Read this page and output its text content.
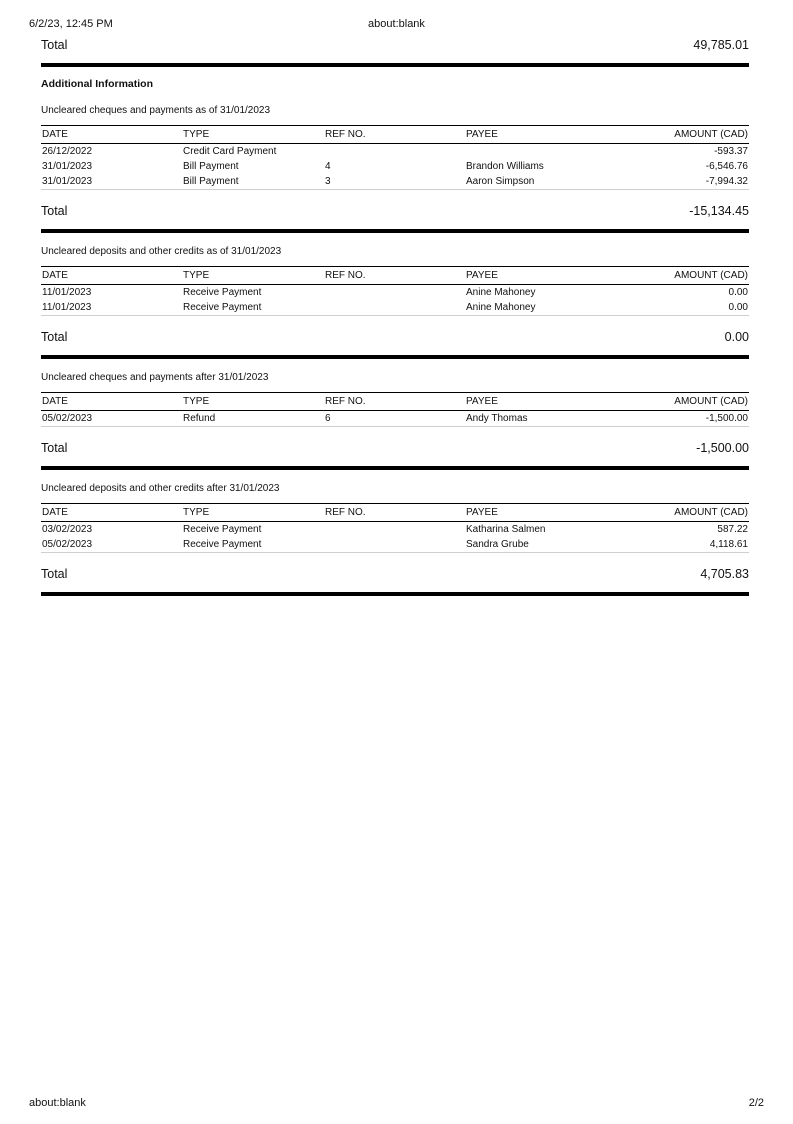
6/2/23, 12:45 PM	about:blank
Total	49,785.01
Additional Information
Uncleared cheques and payments as of 31/01/2023
DATE	TYPE	REF NO.	PAYEE	AMOUNT (CAD)
26/12/2022	Credit Card Payment			-593.37
31/01/2023	Bill Payment	4	Brandon Williams	-6,546.76
31/01/2023	Bill Payment	3	Aaron Simpson	-7,994.32
Total	-15,134.45
Uncleared deposits and other credits as of 31/01/2023
DATE	TYPE	REF NO.	PAYEE	AMOUNT (CAD)
11/01/2023	Receive Payment		Anine Mahoney	0.00
11/01/2023	Receive Payment		Anine Mahoney	0.00
Total	0.00
Uncleared cheques and payments after 31/01/2023
DATE	TYPE	REF NO.	PAYEE	AMOUNT (CAD)
05/02/2023	Refund	6	Andy Thomas	-1,500.00
Total	-1,500.00
Uncleared deposits and other credits after 31/01/2023
DATE	TYPE	REF NO.	PAYEE	AMOUNT (CAD)
03/02/2023	Receive Payment		Katharina Salmen	587.22
05/02/2023	Receive Payment		Sandra Grube	4,118.61
Total	4,705.83
about:blank	2/2
